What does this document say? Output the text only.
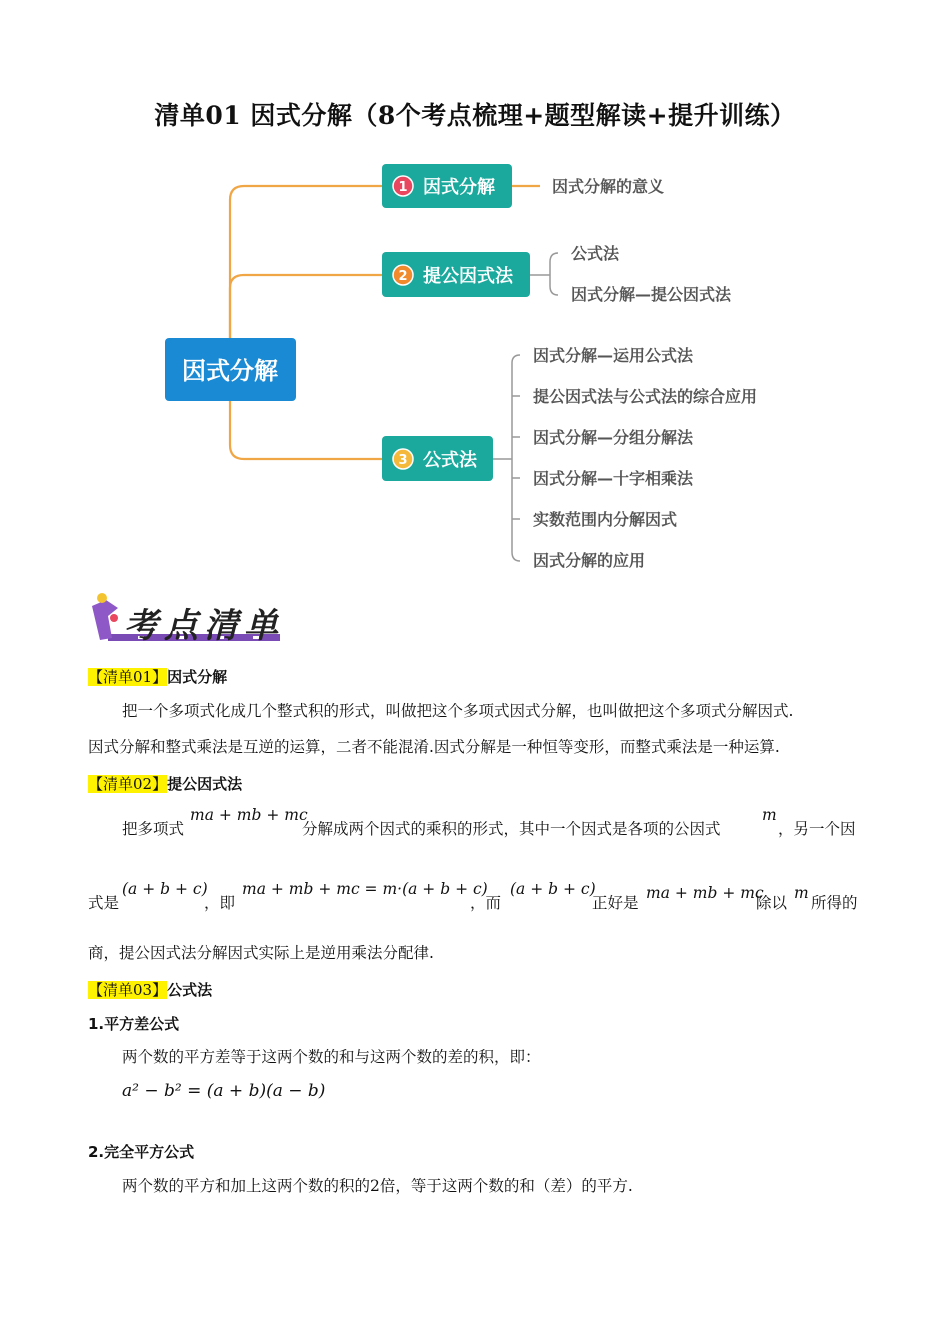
清单01 因式分解（8个考点梳理+题型解读+提升训练）
因式分解
1 因式分解
2 提公因式法
3 公式法
因式分解的意义
公式法
因式分解—提公因式法
因式分解—运用公式法
提公因式法与公式法的综合应用
因式分解—分组分解法
因式分解—十字相乘法
实数范围内分解因式
因式分解的应用
考点清单
【清单01】因式分解
把一个多项式化成几个整式积的形式，叫做把这个多项式因式分解，也叫做把这个多项式分解因式.
因式分解和整式乘法是互逆的运算，二者不能混淆.因式分解是一种恒等变形，而整式乘法是一种运算.
【清单02】提公因式法
把多项式
ma + mb + mc
分解成两个因式的乘积的形式，其中一个因式是各项的公因式
m
，另一个因
式是
(a + b + c)
，即
ma + mb + mc = m·(a + b + c)
，而
(a + b + c)
正好是
ma + mb + mc
除以
m
所得的
商，提公因式法分解因式实际上是逆用乘法分配律.
【清单03】公式法
1.平方差公式
两个数的平方差等于这两个数的和与这两个数的差的积，即：
a² − b² = (a + b)(a − b)
2.完全平方公式
两个数的平方和加上这两个数的积的2倍，等于这两个数的和（差）的平方.
